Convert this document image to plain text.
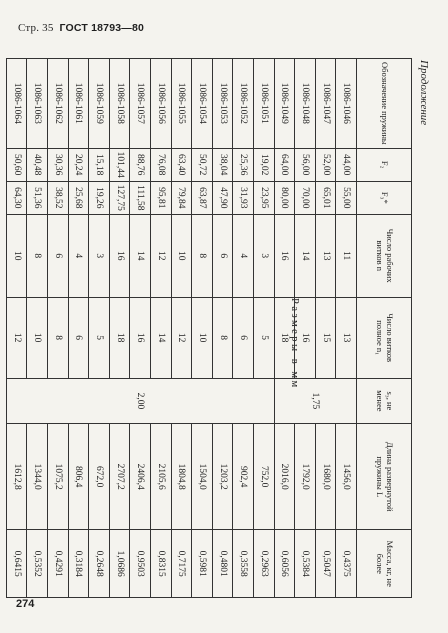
Стр. 35 ГОСТ 18793—80
Продолжение
Размеры в мм
Обозначение пружины	F₂	F₃*	Число рабочих витков n	Число витков полное n₁	s₃, не менее	Длина развернутой пружины L	Масса, кг, не более
1086-1046	44,00	55,00	11	13	1,75	1456,0	0,4375
1086-1047	52,00	65,01	13	15		1680,0	0,5047
1086-1048	56,00	70,00	14	16		1792,0	0,5384
1086-1049	64,00	80,00	16	18		2016,0	0,6056
1086-1051	19,02	23,95	3	5	2,00	752,0	0,2963
1086-1052	25,36	31,93	4	6		902,4	0,3558
1086-1053	38,04	47,90	6	8		1203,2	0,4801
1086-1054	50,72	63,87	8	10		1504,0	0,5981
1086-1055	63,40	79,84	10	12		1804,8	0,7175
1086-1056	76,08	95,81	12	14		2105,6	0,8315
1086-1057	88,76	111,58	14	16		2406,4	0,9503
1086-1058	101,44	127,75	16	18		2707,2	1,0686
1086-1059	15,18	19,26	3	5		672,0	0,2648
1086-1061	20,24	25,68	4	6		806,4	0,3184
1086-1062	30,36	38,52	6	8		1075,2	0,4291
1086-1063	40,48	51,36	8	10		1344,0	0,5352
1086-1064	50,60	64,30	10	12		1612,8	0,6415
274
